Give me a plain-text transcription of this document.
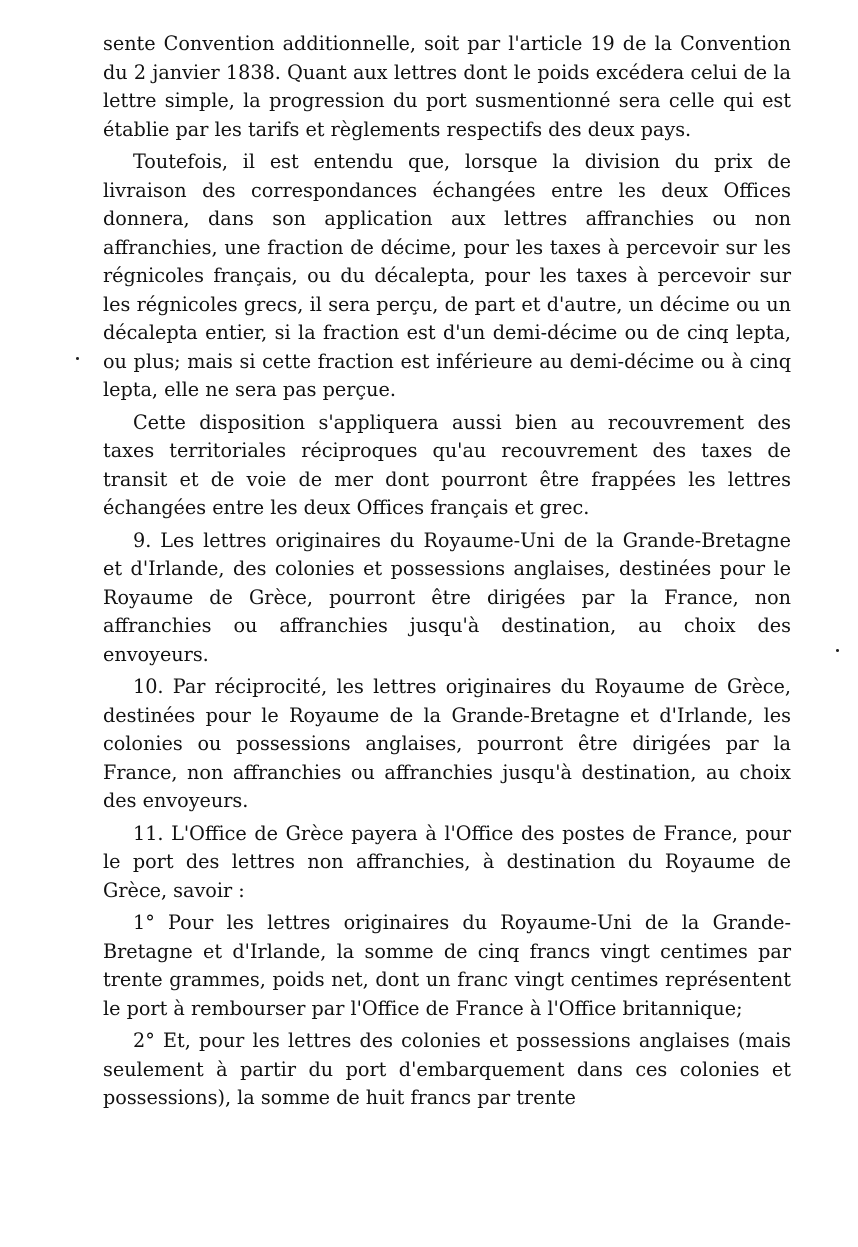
sente Convention additionnelle, soit par l'article 19 de la Convention du 2 janvier 1838. Quant aux lettres dont le poids excédera celui de la lettre simple, la progression du port susmentionné sera celle qui est établie par les tarifs et règlements respectifs des deux pays.

Toutefois, il est entendu que, lorsque la division du prix de livraison des correspondances échangées entre les deux Offices donnera, dans son application aux lettres affranchies ou non affranchies, une fraction de décime, pour les taxes à percevoir sur les régnicoles français, ou du décalepta, pour les taxes à percevoir sur les régnicoles grecs, il sera perçu, de part et d'autre, un décime ou un décalepta entier, si la fraction est d'un demi-décime ou de cinq lepta, ou plus; mais si cette fraction est inférieure au demi-décime ou à cinq lepta, elle ne sera pas perçue.

Cette disposition s'appliquera aussi bien au recouvrement des taxes territoriales réciproques qu'au recouvrement des taxes de transit et de voie de mer dont pourront être frappées les lettres échangées entre les deux Offices français et grec.

9. Les lettres originaires du Royaume-Uni de la Grande-Bretagne et d'Irlande, des colonies et possessions anglaises, destinées pour le Royaume de Grèce, pourront être dirigées par la France, non affranchies ou affranchies jusqu'à destination, au choix des envoyeurs.

10. Par réciprocité, les lettres originaires du Royaume de Grèce, destinées pour le Royaume de la Grande-Bretagne et d'Irlande, les colonies ou possessions anglaises, pourront être dirigées par la France, non affranchies ou affranchies jusqu'à destination, au choix des envoyeurs.

11. L'Office de Grèce payera à l'Office des postes de France, pour le port des lettres non affranchies, à destination du Royaume de Grèce, savoir :

1° Pour les lettres originaires du Royaume-Uni de la Grande-Bretagne et d'Irlande, la somme de cinq francs vingt centimes par trente grammes, poids net, dont un franc vingt centimes représentent le port à rembourser par l'Office de France à l'Office britannique;

2° Et, pour les lettres des colonies et possessions anglaises (mais seulement à partir du port d'embarquement dans ces colonies et possessions), la somme de huit francs par trente
